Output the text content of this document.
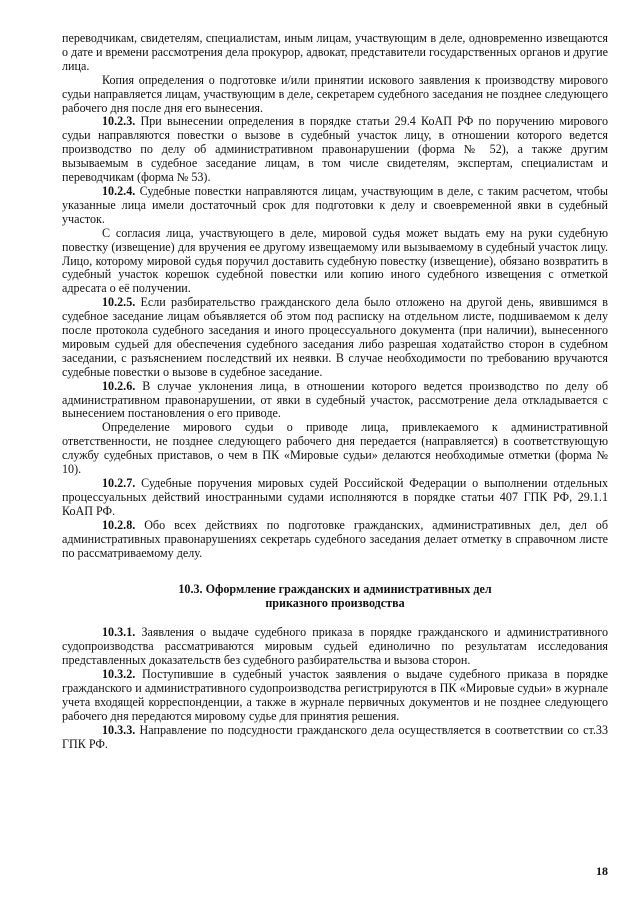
переводчикам, свидетелям, специалистам, иным лицам, участвующим в деле, одновременно извещаются о дате и времени рассмотрения дела прокурор, адвокат, представители государственных органов и другие лица.

Копия определения о подготовке и/или принятии искового заявления к производству мирового судьи направляется лицам, участвующим в деле, секретарем судебного заседания не позднее следующего рабочего дня после дня его вынесения.

10.2.3. При вынесении определения в порядке статьи 29.4 КоАП РФ по поручению мирового судьи направляются повестки о вызове в судебный участок лицу, в отношении которого ведется производство по делу об административном правонарушении (форма № 52), а также другим вызываемым в судебное заседание лицам, в том числе свидетелям, экспертам, специалистам и переводчикам (форма № 53).

10.2.4. Судебные повестки направляются лицам, участвующим в деле, с таким расчетом, чтобы указанные лица имели достаточный срок для подготовки к делу и своевременной явки в судебный участок.

С согласия лица, участвующего в деле, мировой судья может выдать ему на руки судебную повестку (извещение) для вручения ее другому извещаемому или вызываемому в судебный участок лицу. Лицо, которому мировой судья поручил доставить судебную повестку (извещение), обязано возвратить в судебный участок корешок судебной повестки или копию иного судебного извещения с отметкой адресата о её получении.

10.2.5. Если разбирательство гражданского дела было отложено на другой день, явившимся в судебное заседание лицам объявляется об этом под расписку на отдельном листе, подшиваемом к делу после протокола судебного заседания и иного процессуального документа (при наличии), вынесенного мировым судьей для обеспечения судебного заседания либо разрешая ходатайство сторон в судебном заседании, с разъяснением последствий их неявки. В случае необходимости по требованию вручаются судебные повестки о вызове в судебное заседание.

10.2.6. В случае уклонения лица, в отношении которого ведется производство по делу об административном правонарушении, от явки в судебный участок, рассмотрение дела откладывается с вынесением постановления о его приводе.

Определение мирового судьи о приводе лица, привлекаемого к административной ответственности, не позднее следующего рабочего дня передается (направляется) в соответствующую службу судебных приставов, о чем в ПК «Мировые судьи» делаются необходимые отметки (форма № 10).

10.2.7. Судебные поручения мировых судей Российской Федерации о выполнении отдельных процессуальных действий иностранными судами исполняются в порядке статьи 407 ГПК РФ, 29.1.1 КоАП РФ.

10.2.8. Обо всех действиях по подготовке гражданских, административных дел, дел об административных правонарушениях секретарь судебного заседания делает отметку в справочном листе по рассматриваемому делу.

10.3. Оформление гражданских и административных дел
приказного производства

10.3.1. Заявления о выдаче судебного приказа в порядке гражданского и административного судопроизводства рассматриваются мировым судьей единолично по результатам исследования представленных доказательств без судебного разбирательства и вызова сторон.

10.3.2. Поступившие в судебный участок заявления о выдаче судебного приказа в порядке гражданского и административного судопроизводства регистрируются в ПК «Мировые судьи» в журнале учета входящей корреспонденции, а также в журнале первичных документов и не позднее следующего рабочего дня передаются мировому судье для принятия решения.

10.3.3. Направление по подсудности гражданского дела осуществляется в соответствии со ст.33 ГПК РФ.

18
